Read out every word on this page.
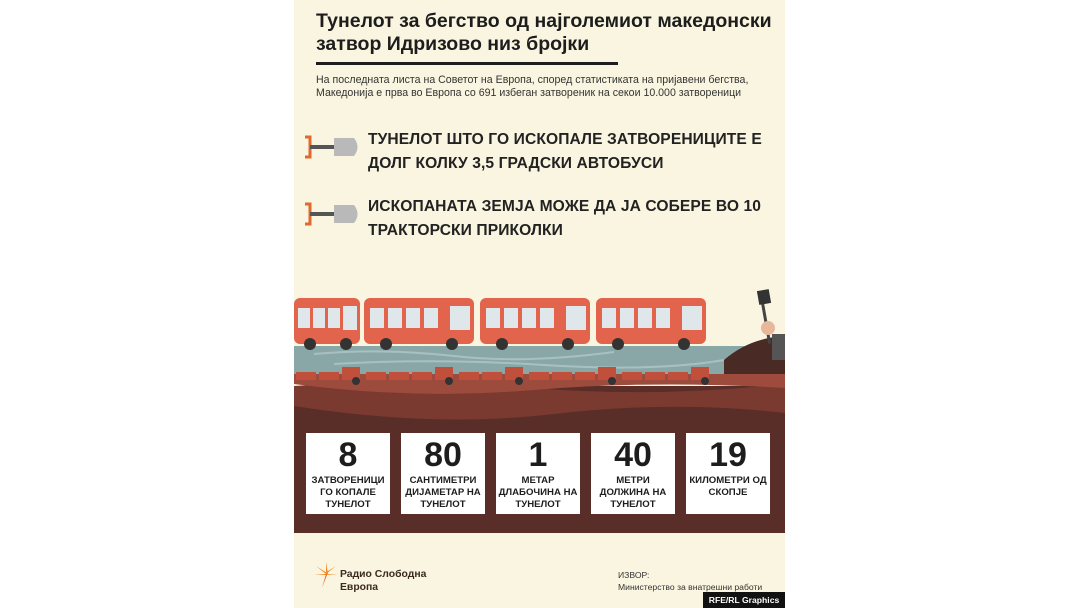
Тунелот за бегство од најголемиот македонски затвор Идризово низ бројки
На последната листа на Советот на Европа, според статистиката на пријавени бегства, Македонија е прва во Европа со 691 избеган затвореник на секои 10.000 затвореници
ТУНЕЛОТ ШТО ГО ИСКОПАЛЕ ЗАТВОРЕНИЦИТЕ Е ДОЛГ КОЛКУ 3,5 ГРАДСКИ АВТОБУСИ
ИСКОПАНАТА ЗЕМЈА МОЖЕ ДА ЈА СОБЕРЕ ВО 10 ТРАКТОРСКИ ПРИКОЛКИ
8
ЗАТВОРЕНИЦИ ГО КОПАЛЕ ТУНЕЛОТ
80
САНТИМЕТРИ ДИЈАМЕТАР НА ТУНЕЛОТ
1
МЕТАР ДЛАБОЧИНА НА ТУНЕЛОТ
40
МЕТРИ ДОЛЖИНА НА ТУНЕЛОТ
19
КИЛОМЕТРИ ОД СКОПЈЕ
Радио Слободна
Европа
ИЗВОР:
Министерство за внатрешни работи
RFE/RL Graphics
